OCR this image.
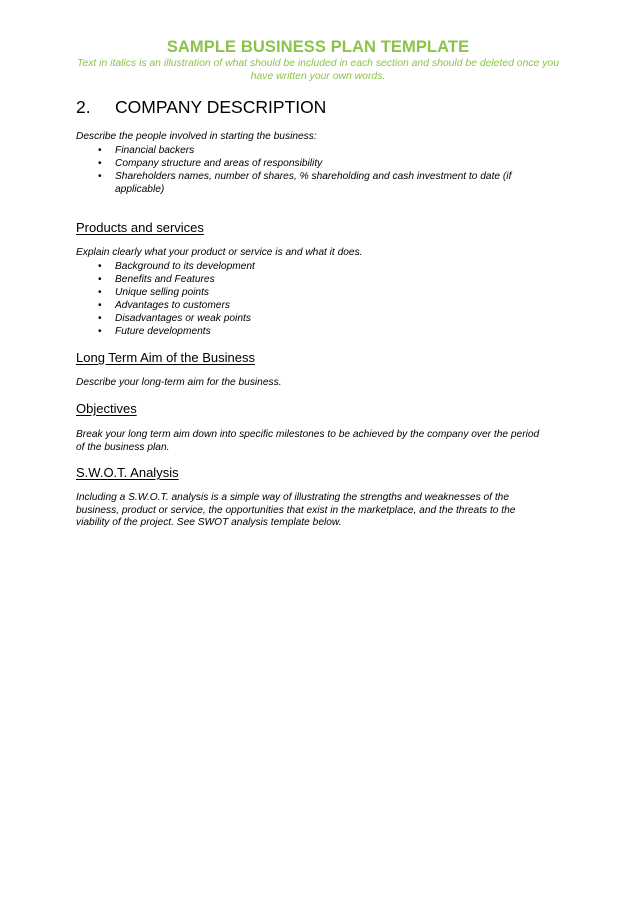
SAMPLE BUSINESS PLAN TEMPLATE
Text in italics is an illustration of what should be included in each section and should be deleted once you have written your own words.
2. COMPANY DESCRIPTION

Describe the people involved in starting the business:

• Financial backers
• Company structure and areas of responsibility
• Shareholders names, number of shares, % shareholding and cash investment to date (if applicable)
Products and services

Explain clearly what your product or service is and what it does.

• Background to its development
• Benefits and Features
• Unique selling points
• Advantages to customers
• Disadvantages or weak points
• Future developments
Long Term Aim of the Business

Describe your long-term aim for the business.

Objectives

Break your long term aim down into specific milestones to be achieved by the company over the period of the business plan.

S.W.O.T. Analysis

Including a S.W.O.T. analysis is a simple way of illustrating the strengths and weaknesses of the business, product or service, the opportunities that exist in the marketplace, and the threats to the viability of the project. See SWOT analysis template below.
